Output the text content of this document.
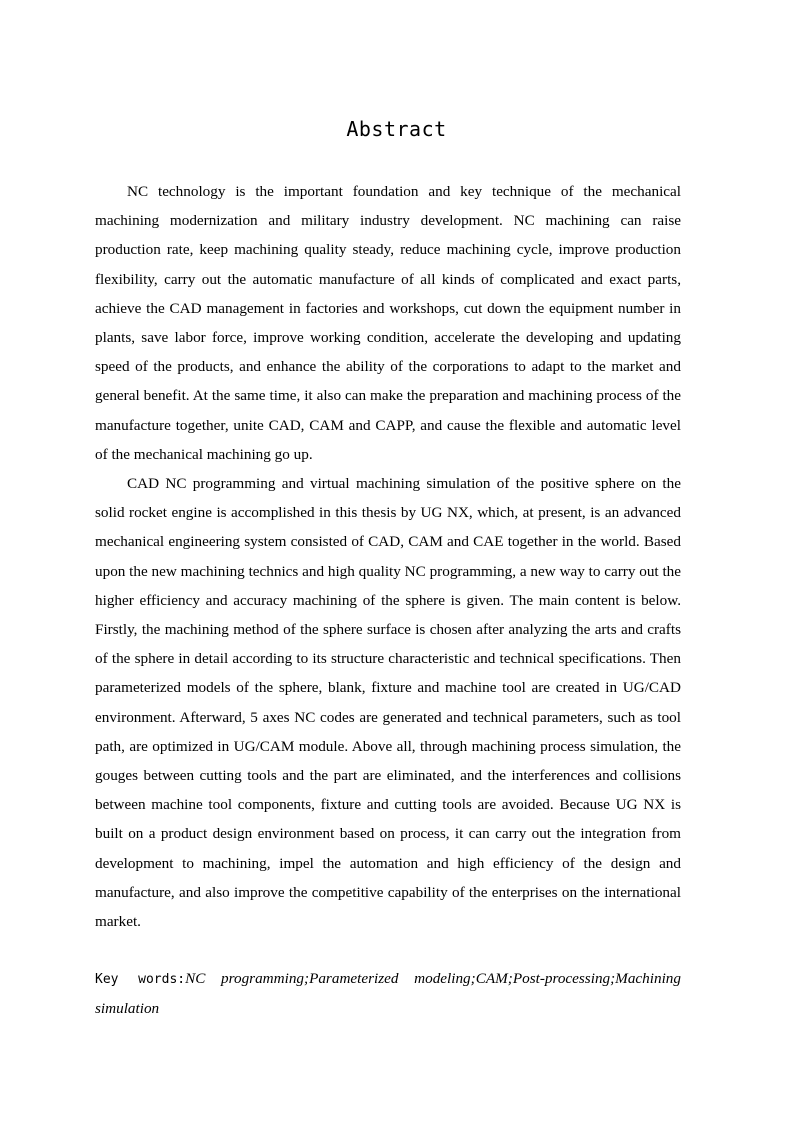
Abstract

NC technology is the important foundation and key technique of the mechanical machining modernization and military industry development. NC machining can raise production rate, keep machining quality steady, reduce machining cycle, improve production flexibility, carry out the automatic manufacture of all kinds of complicated and exact parts, achieve the CAD management in factories and workshops, cut down the equipment number in plants, save labor force, improve working condition, accelerate the developing and updating speed of the products, and enhance the ability of the corporations to adapt to the market and general benefit. At the same time, it also can make the preparation and machining process of the manufacture together, unite CAD, CAM and CAPP, and cause the flexible and automatic level of the mechanical machining go up.

CAD NC programming and virtual machining simulation of the positive sphere on the solid rocket engine is accomplished in this thesis by UG NX, which, at present, is an advanced mechanical engineering system consisted of CAD, CAM and CAE together in the world. Based upon the new machining technics and high quality NC programming, a new way to carry out the higher efficiency and accuracy machining of the sphere is given. The main content is below. Firstly, the machining method of the sphere surface is chosen after analyzing the arts and crafts of the sphere in detail according to its structure characteristic and technical specifications. Then parameterized models of the sphere, blank, fixture and machine tool are created in UG/CAD environment. Afterward, 5 axes NC codes are generated and technical parameters, such as tool path, are optimized in UG/CAM module. Above all, through machining process simulation, the gouges between cutting tools and the part are eliminated, and the interferences and collisions between machine tool components, fixture and cutting tools are avoided. Because UG NX is built on a product design environment based on process, it can carry out the integration from development to machining, impel the automation and high efficiency of the design and manufacture, and also improve the competitive capability of the enterprises on the international market.

Key words:NC programming;Parameterized modeling;CAM;Post-processing;Machining simulation
